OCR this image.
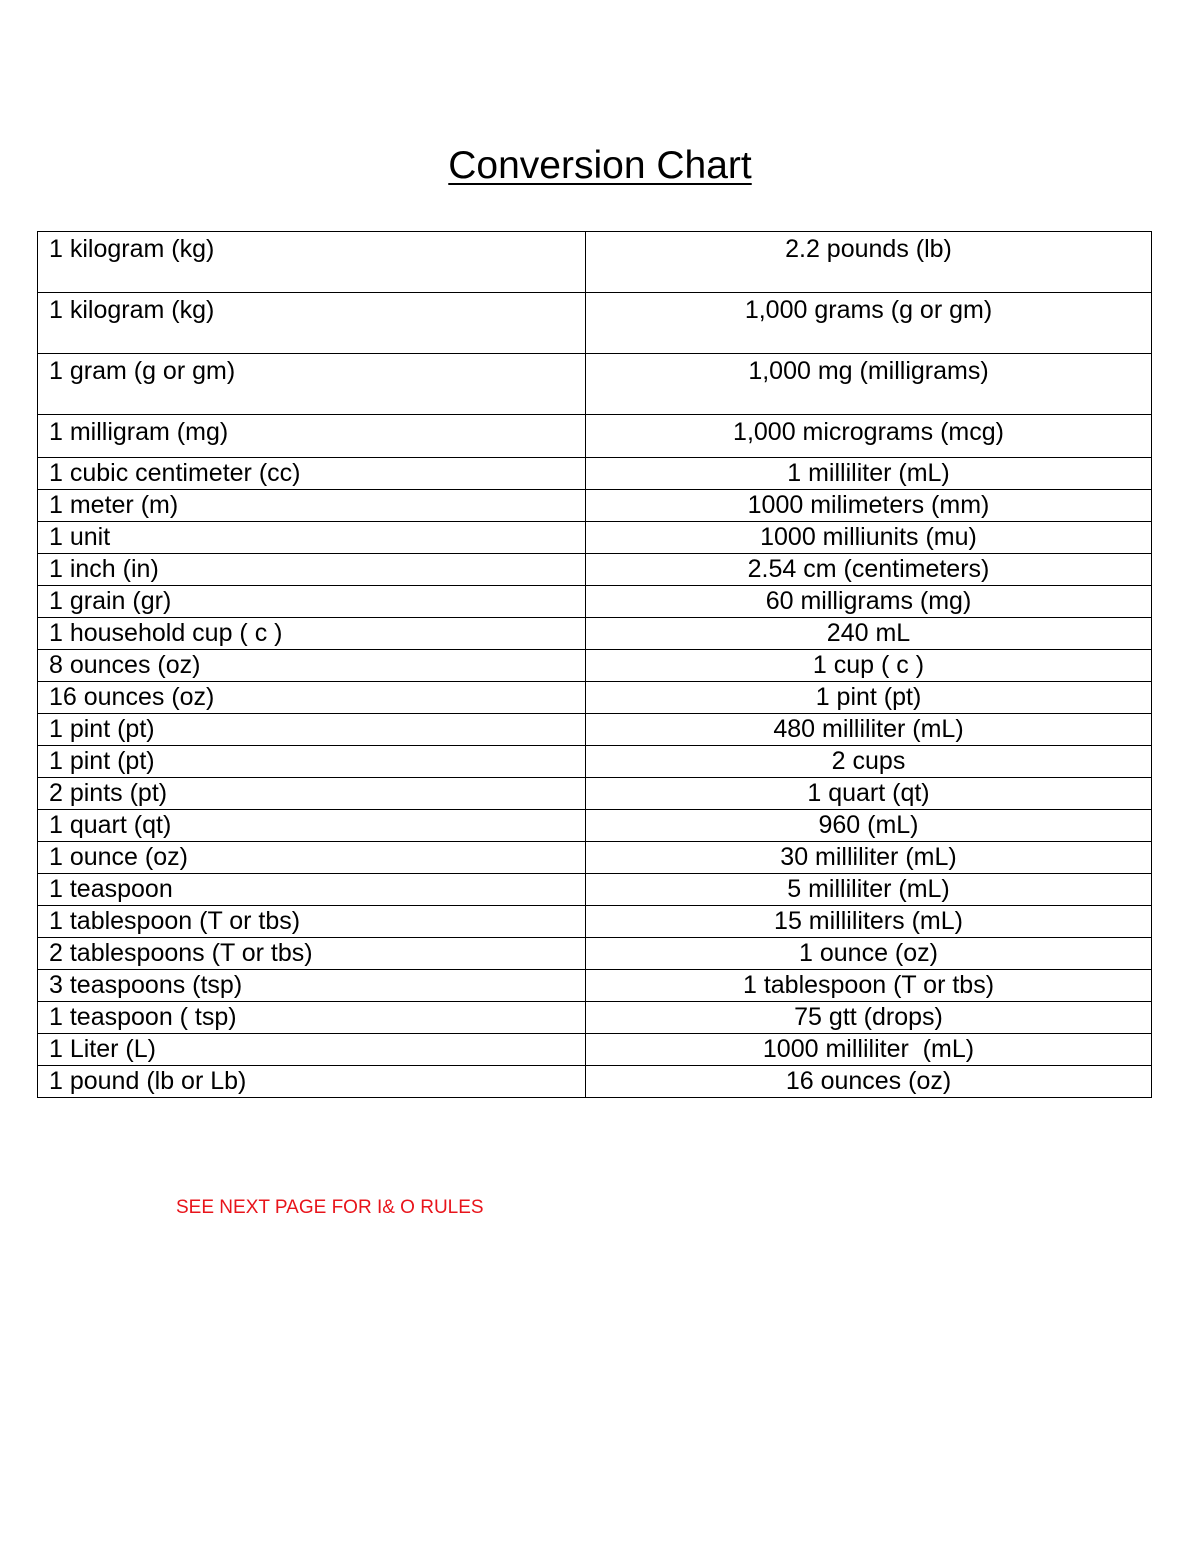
Conversion Chart
1 kilogram (kg)	2.2 pounds (lb)
1 kilogram (kg)	1,000 grams (g or gm)
1 gram (g or gm)	1,000 mg (milligrams)
1 milligram (mg)	1,000 micrograms (mcg)
1 cubic centimeter (cc)	1 milliliter (mL)
1 meter (m)	1000 milimeters (mm)
1 unit	1000 milliunits (mu)
1 inch (in)	2.54 cm (centimeters)
1 grain (gr)	60 milligrams (mg)
1 household cup ( c )	240 mL
8 ounces (oz)	1 cup ( c )
16 ounces (oz)	1 pint (pt)
1 pint (pt)	480 milliliter (mL)
1 pint (pt)	2 cups
2 pints (pt)	1 quart (qt)
1 quart (qt)	960 (mL)
1 ounce (oz)	30 milliliter (mL)
1 teaspoon	5 milliliter (mL)
1 tablespoon (T or tbs)	15 milliliters (mL)
2 tablespoons (T or tbs)	1 ounce (oz)
3 teaspoons (tsp)	1 tablespoon (T or tbs)
1 teaspoon ( tsp)	75 gtt (drops)
1 Liter (L)	1000 milliliter  (mL)
1 pound (lb or Lb)	16 ounces (oz)
SEE NEXT PAGE FOR I& O RULES
